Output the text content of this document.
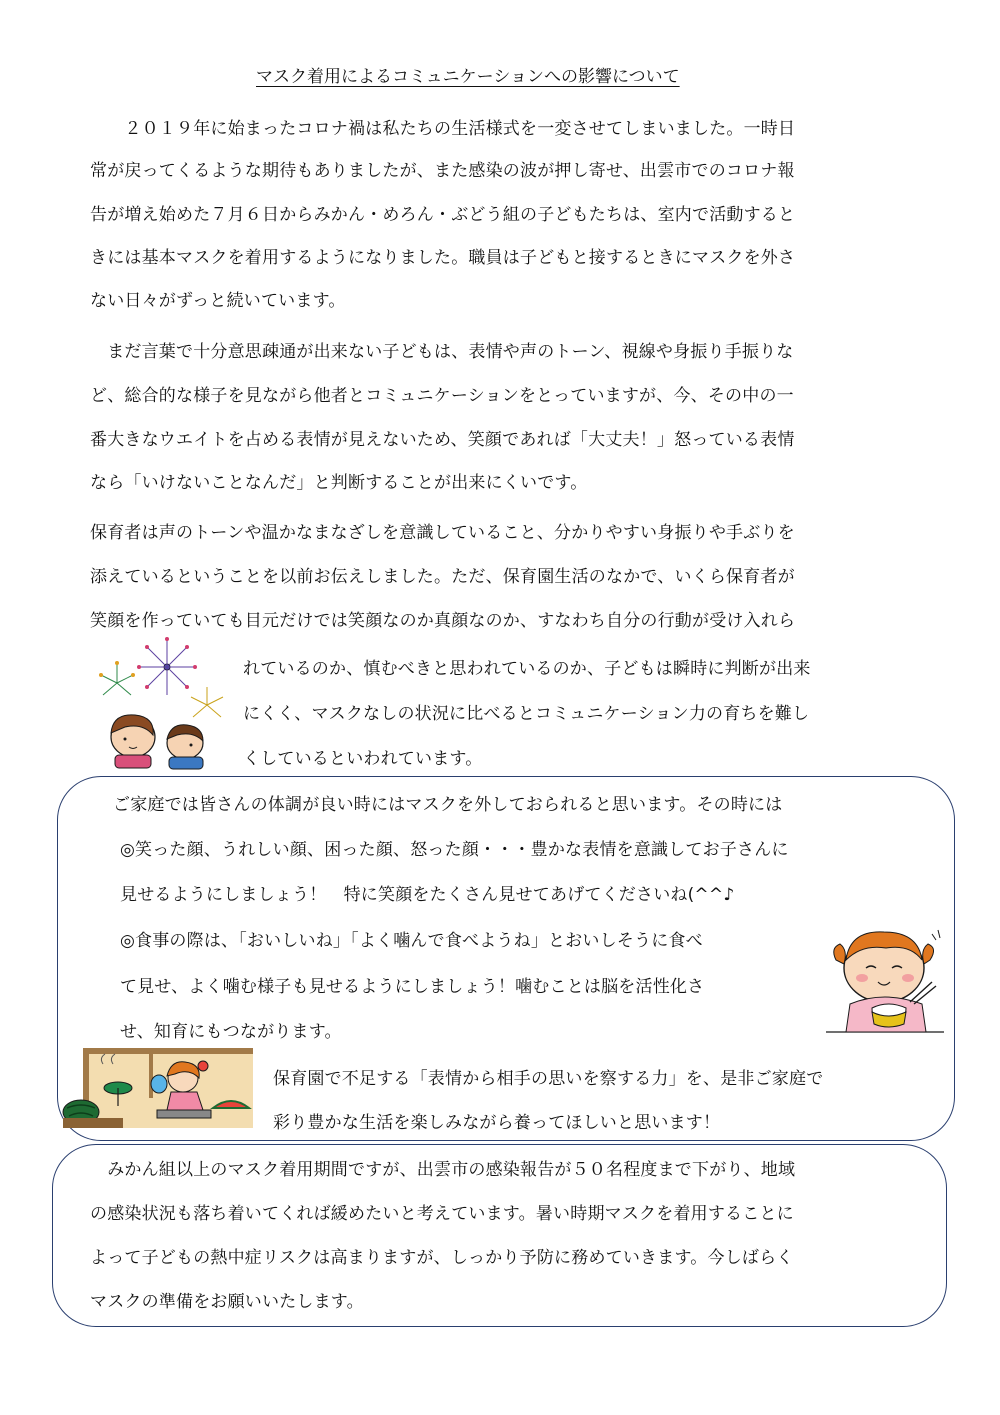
マスク着用によるコミュニケーションへの影響について
　　２０１９年に始まったコロナ禍は私たちの生活様式を一変させてしまいました。一時日
常が戻ってくるような期待もありましたが、また感染の波が押し寄せ、出雲市でのコロナ報
告が増え始めた７月６日からみかん・めろん・ぶどう組の子どもたちは、室内で活動すると
きには基本マスクを着用するようになりました。職員は子どもと接するときにマスクを外さ
ない日々がずっと続いています。
　まだ言葉で十分意思疎通が出来ない子どもは、表情や声のトーン、視線や身振り手振りな
ど、総合的な様子を見ながら他者とコミュニケーションをとっていますが、今、その中の一
番大きなウエイトを占める表情が見えないため、笑顔であれば「大丈夫！」怒っている表情
なら「いけないことなんだ」と判断することが出来にくいです。
保育者は声のトーンや温かなまなざしを意識していること、分かりやすい身振りや手ぶりを
添えているということを以前お伝えしました。ただ、保育園生活のなかで、いくら保育者が
笑顔を作っていても目元だけでは笑顔なのか真顔なのか、すなわち自分の行動が受け入れら
れているのか、慎むべきと思われているのか、子どもは瞬時に判断が出来
にくく、マスクなしの状況に比べるとコミュニケーション力の育ちを難し
くしているといわれています。
ご家庭では皆さんの体調が良い時にはマスクを外しておられると思います。その時には
◎笑った顔、うれしい顔、困った顔、怒った顔・・・豊かな表情を意識してお子さんに
見せるようにしましょう！　特に笑顔をたくさん見せてあげてくださいね(^^♪
◎食事の際は、「おいしいね」「よく噛んで食べようね」とおいしそうに食べ
て見せ、よく噛む様子も見せるようにしましょう！噛むことは脳を活性化さ
せ、知育にもつながります。
保育園で不足する「表情から相手の思いを察する力」を、是非ご家庭で
彩り豊かな生活を楽しみながら養ってほしいと思います！
　みかん組以上のマスク着用期間ですが、出雲市の感染報告が５０名程度まで下がり、地域
の感染状況も落ち着いてくれば緩めたいと考えています。暑い時期マスクを着用することに
よって子どもの熱中症リスクは高まりますが、しっかり予防に務めていきます。今しばらく
マスクの準備をお願いいたします。
